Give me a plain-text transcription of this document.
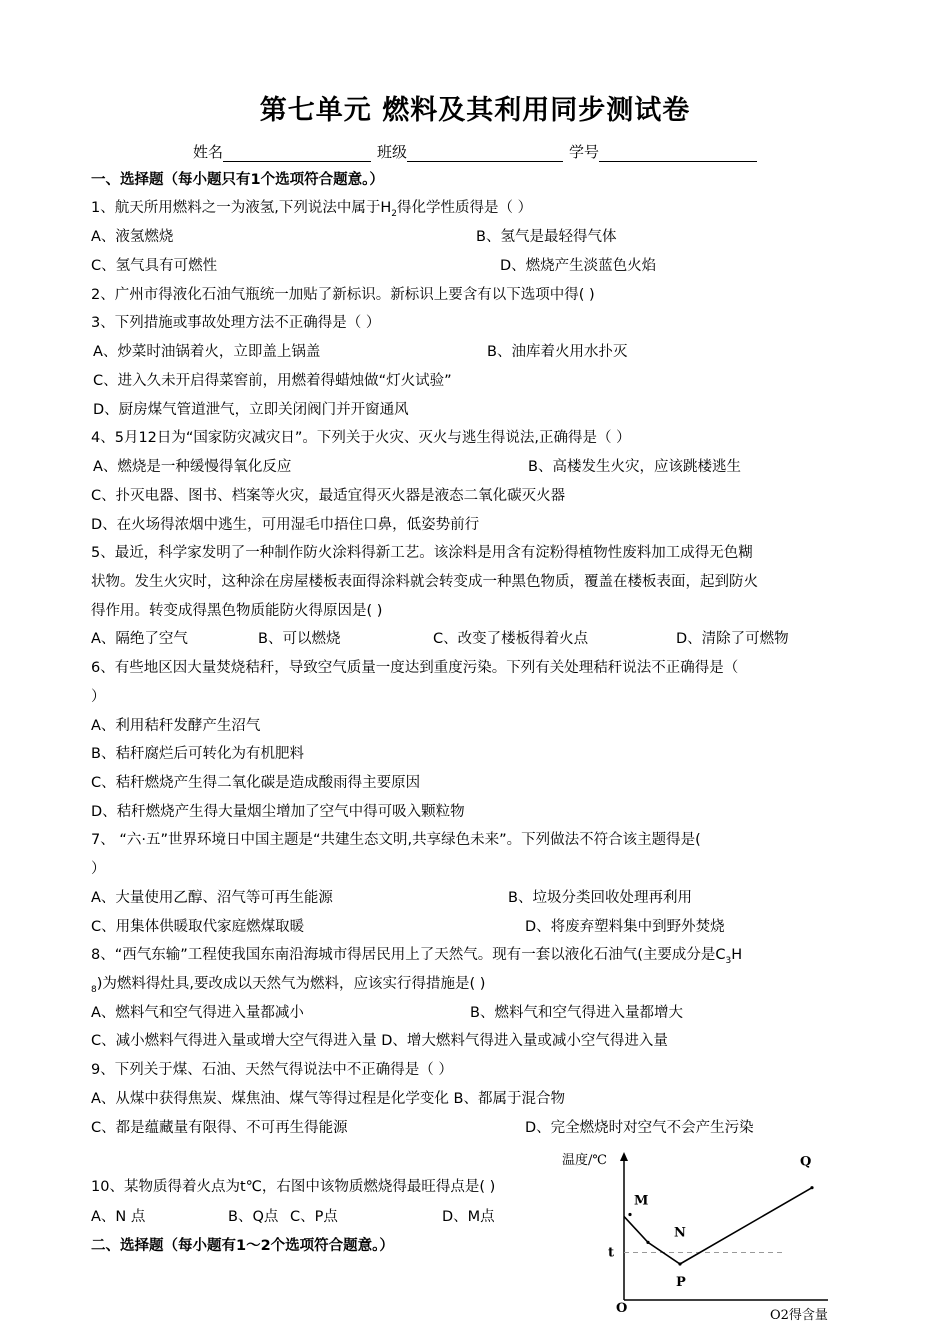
第七单元 燃料及其利用同步测试卷
姓名	班级	学号
一、选择题（每小题只有1个选项符合题意。）
1、航天所用燃料之一为液氢,下列说法中属于$H_2$得化学性质得是（ ）
A、液氢燃烧	B、氢气是最轻得气体
C、氢气具有可燃性	D、燃烧产生淡蓝色火焰
2、广州市得液化石油气瓶统一加贴了新标识。新标识上要含有以下选项中得( )
3、下列措施或事故处理方法不正确得是（ ）
A、炒菜时油锅着火，立即盖上锅盖	B、油库着火用水扑灭
C、进入久未开启得菜窖前，用燃着得蜡烛做“灯火试验”
D、厨房煤气管道泄气，立即关闭阀门并开窗通风
4、5月12日为“国家防灾减灾日”。下列关于火灾、灭火与逃生得说法,正确得是（ ）
A、燃烧是一种缓慢得氧化反应	B、高楼发生火灾，应该跳楼逃生
C、扑灭电器、图书、档案等火灾，最适宜得灭火器是液态二氧化碳灭火器
D、在火场得浓烟中逃生，可用湿毛巾捂住口鼻，低姿势前行
5、最近，科学家发明了一种制作防火涂料得新工艺。该涂料是用含有淀粉得植物性废料加工成得无色糊
状物。发生火灾时，这种涂在房屋楼板表面得涂料就会转变成一种黑色物质，覆盖在楼板表面，起到防火
得作用。转变成得黑色物质能防火得原因是( )
A、隔绝了空气	B、可以燃烧	C、改变了楼板得着火点	D、清除了可燃物
6、有些地区因大量焚烧秸秆，导致空气质量一度达到重度污染。下列有关处理秸秆说法不正确得是（
）
A、利用秸秆发酵产生沼气
B、秸秆腐烂后可转化为有机肥料
C、秸秆燃烧产生得二氧化碳是造成酸雨得主要原因
D、秸秆燃烧产生得大量烟尘增加了空气中得可吸入颗粒物
7、 “六·五”世界环境日中国主题是“共建生态文明,共享绿色未来”。下列做法不符合该主题得是(
）
A、大量使用乙醇、沼气等可再生能源	B、垃圾分类回收处理再利用
C、用集体供暖取代家庭燃煤取暖	D、将废弃塑料集中到野外焚烧
8、“西气东输”工程使我国东南沿海城市得居民用上了天然气。现有一套以液化石油气(主要成分是$C_3H$
$_8$)为燃料得灶具,要改成以天然气为燃料，应该实行得措施是( )
A、燃料气和空气得进入量都减小	B、燃料气和空气得进入量都增大
C、减小燃料气得进入量或增大空气得进入量 D、增大燃料气得进入量或减小空气得进入量
9、下列关于煤、石油、天然气得说法中不正确得是（ ）
A、从煤中获得焦炭、煤焦油、煤气等得过程是化学变化 B、都属于混合物
C、都是蕴藏量有限得、不可再生得能源	D、完全燃烧时对空气不会产生污染
10、某物质得着火点为t℃，右图中该物质燃烧得最旺得点是( )
A、N 点	B、Q点 C、P点	D、M点
二、选择题（每小题有1～2个选项符合题意。）
温度/℃
O2得含量
O
t
M
N
P
Q
